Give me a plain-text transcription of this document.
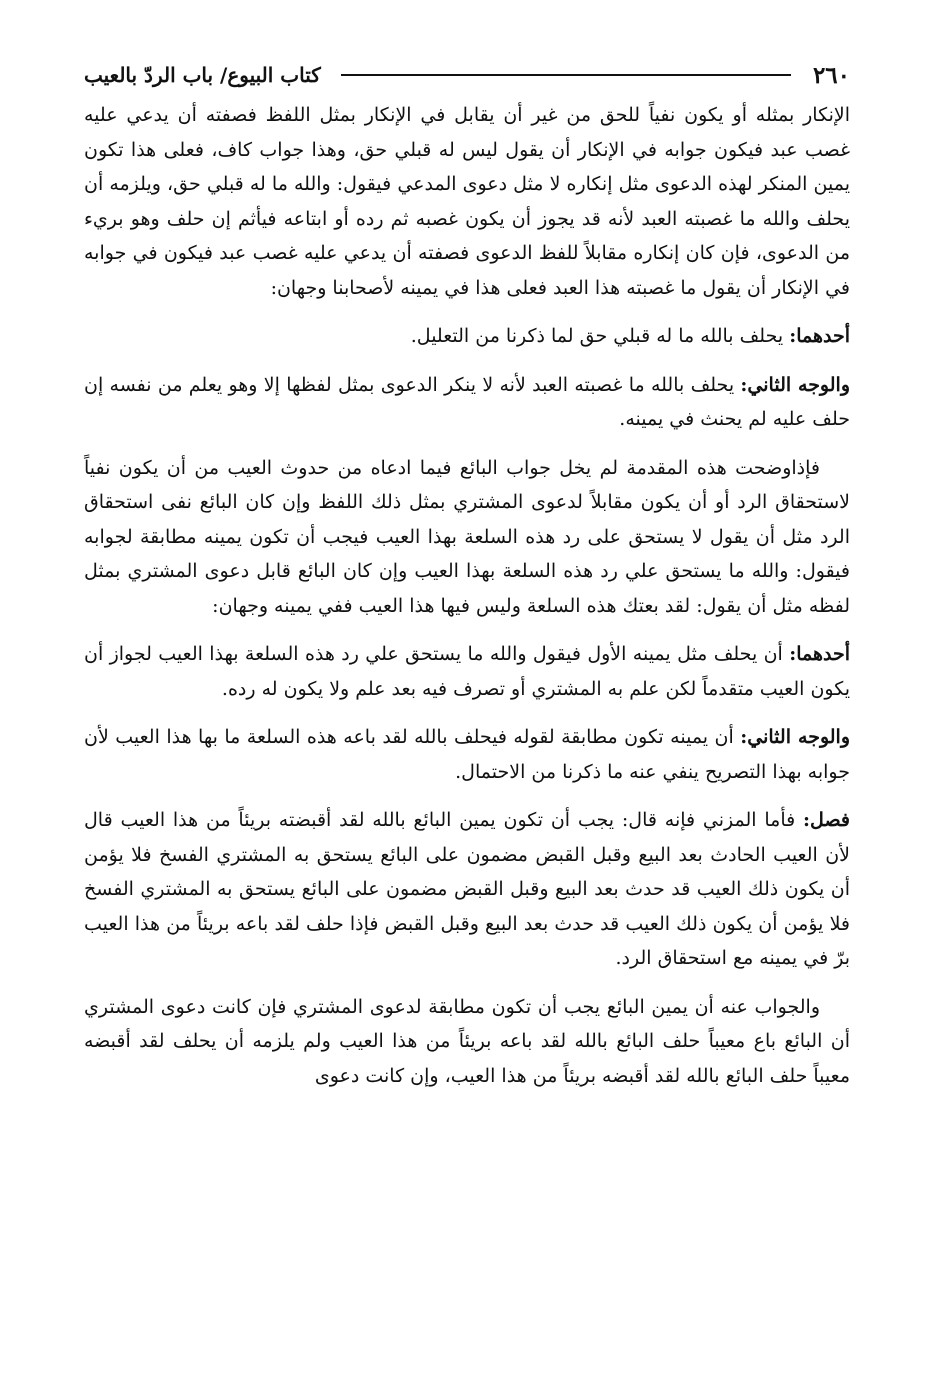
٢٦٠
كتاب البيوع/ باب الردّ بالعيب

الإنكار بمثله أو يكون نفياً للحق من غير أن يقابل في الإنكار بمثل اللفظ فصفته أن يدعي عليه غصب عبد فيكون جوابه في الإنكار أن يقول ليس له قبلي حق، وهذا جواب كاف، فعلى هذا تكون يمين المنكر لهذه الدعوى مثل إنكاره لا مثل دعوى المدعي فيقول: والله ما له قبلي حق، ويلزمه أن يحلف والله ما غصبته العبد لأنه قد يجوز أن يكون غصبه ثم رده أو ابتاعه فيأثم إن حلف وهو بريء من الدعوى، فإن كان إنكاره مقابلاً للفظ الدعوى فصفته أن يدعي عليه غصب عبد فيكون في جوابه في الإنكار أن يقول ما غصبته هذا العبد فعلى هذا في يمينه لأصحابنا وجهان:

أحدهما: يحلف بالله ما له قبلي حق لما ذكرنا من التعليل.

والوجه الثاني: يحلف بالله ما غصبته العبد لأنه لا ينكر الدعوى بمثل لفظها إلا وهو يعلم من نفسه إن حلف عليه لم يحنث في يمينه.

فإذاوضحت هذه المقدمة لم يخل جواب البائع فيما ادعاه من حدوث العيب من أن يكون نفياً لاستحقاق الرد أو أن يكون مقابلاً لدعوى المشتري بمثل ذلك اللفظ وإن كان البائع نفى استحقاق الرد مثل أن يقول لا يستحق على رد هذه السلعة بهذا العيب فيجب أن تكون يمينه مطابقة لجوابه فيقول: والله ما يستحق علي رد هذه السلعة بهذا العيب وإن كان البائع قابل دعوى المشتري بمثل لفظه مثل أن يقول: لقد بعتك هذه السلعة وليس فيها هذا العيب ففي يمينه وجهان:

أحدهما: أن يحلف مثل يمينه الأول فيقول والله ما يستحق علي رد هذه السلعة بهذا العيب لجواز أن يكون العيب متقدماً لكن علم به المشتري أو تصرف فيه بعد علم ولا يكون له رده.

والوجه الثاني: أن يمينه تكون مطابقة لقوله فيحلف بالله لقد باعه هذه السلعة ما بها هذا العيب لأن جوابه بهذا التصريح ينفي عنه ما ذكرنا من الاحتمال.

فصل: فأما المزني فإنه قال: يجب أن تكون يمين البائع بالله لقد أقبضته بريئاً من هذا العيب قال لأن العيب الحادث بعد البيع وقبل القبض مضمون على البائع يستحق به المشتري الفسخ فلا يؤمن أن يكون ذلك العيب قد حدث بعد البيع وقبل القبض مضمون على البائع يستحق به المشتري الفسخ فلا يؤمن أن يكون ذلك العيب قد حدث بعد البيع وقبل القبض فإذا حلف لقد باعه بريئاً من هذا العيب برّ في يمينه مع استحقاق الرد.

والجواب عنه أن يمين البائع يجب أن تكون مطابقة لدعوى المشتري فإن كانت دعوى المشتري أن البائع باع معيباً حلف البائع بالله لقد باعه بريئاً من هذا العيب ولم يلزمه أن يحلف لقد أقبضه معيباً حلف البائع بالله لقد أقبضه بريئاً من هذا العيب، وإن كانت دعوى
